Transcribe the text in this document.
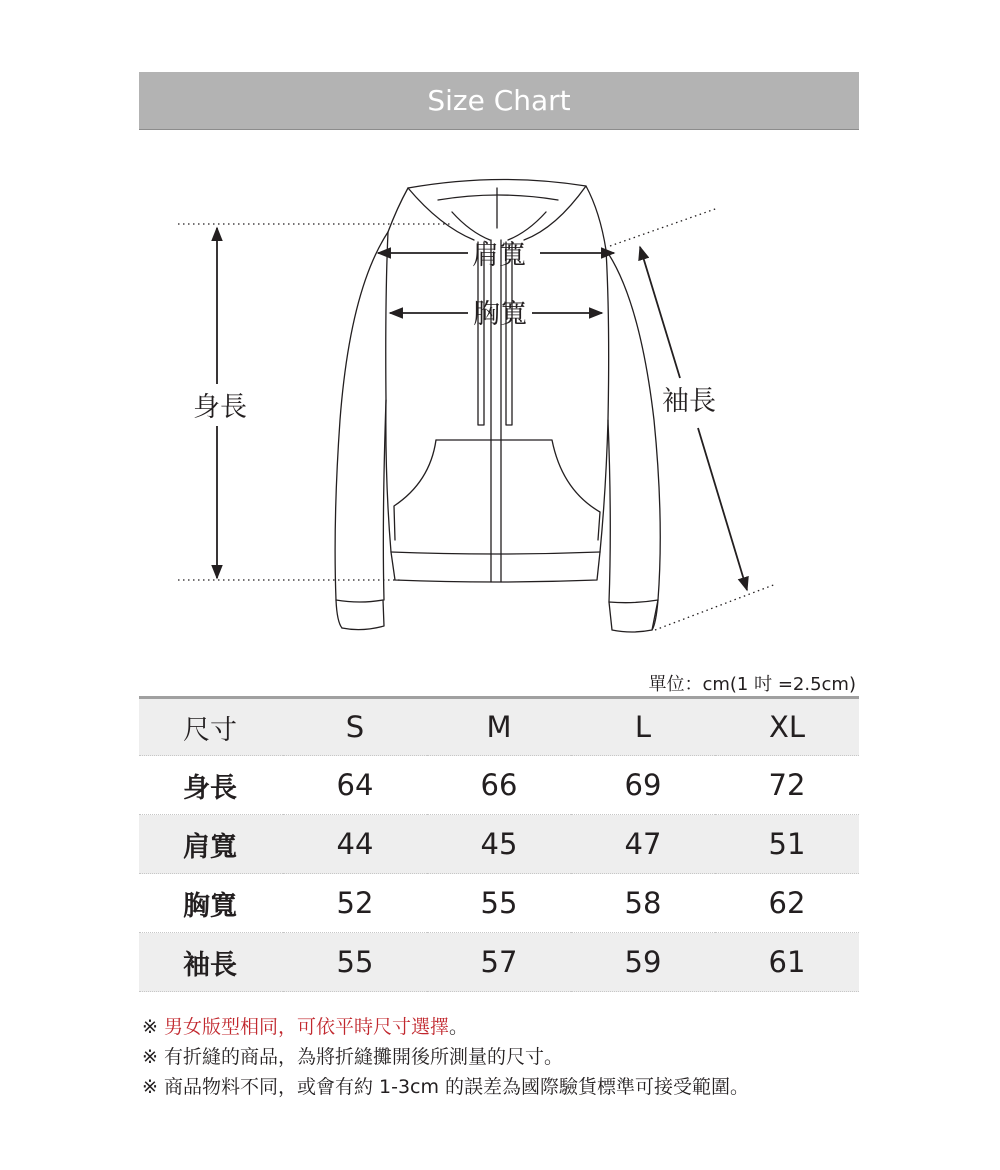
Size Chart
肩寬
胸寬
身長	袖長
單位：cm(1 吋 =2.5cm)
尺寸	S	M	L	XL
身長	64	66	69	72
肩寬	44	45	47	51
胸寬	52	55	58	62
袖長	55	57	59	61
※ 男女版型相同，可依平時尺寸選擇。
※ 有折縫的商品，為將折縫攤開後所測量的尺寸。
※ 商品物料不同，或會有約 1-3cm 的誤差為國際驗貨標準可接受範圍。
